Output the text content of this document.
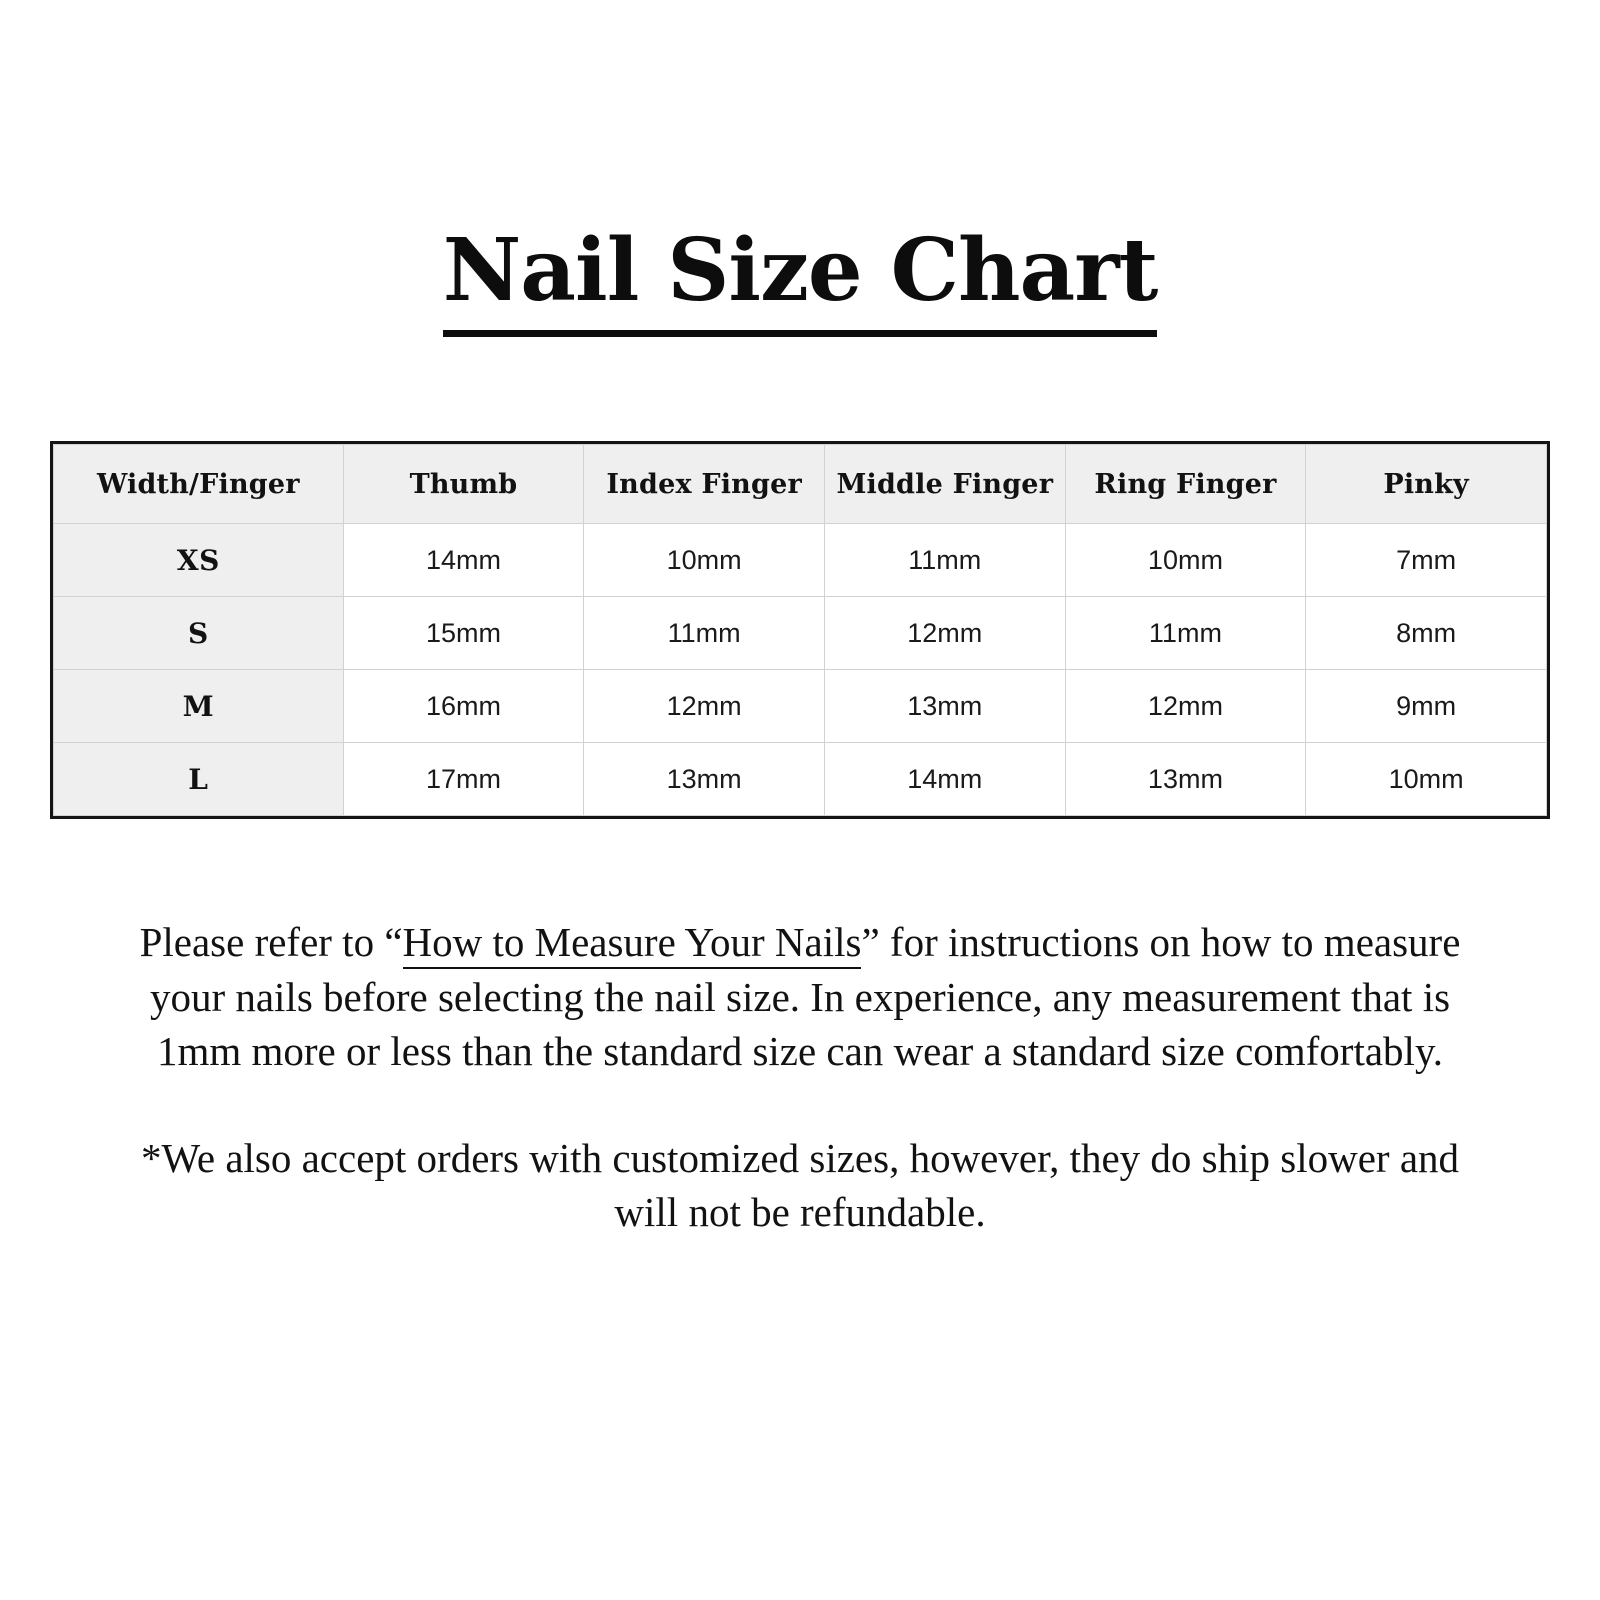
Nail Size Chart
Width/Finger	Thumb	Index Finger	Middle Finger	Ring Finger	Pinky
XS	14mm	10mm	11mm	10mm	7mm
S	15mm	11mm	12mm	11mm	8mm
M	16mm	12mm	13mm	12mm	9mm
L	17mm	13mm	14mm	13mm	10mm
Please refer to “How to Measure Your Nails” for instructions on how to measure your nails before selecting the nail size. In experience, any measurement that is 1mm more or less than the standard size can wear a standard size comfortably.
*We also accept orders with customized sizes, however, they do ship slower and will not be refundable.
